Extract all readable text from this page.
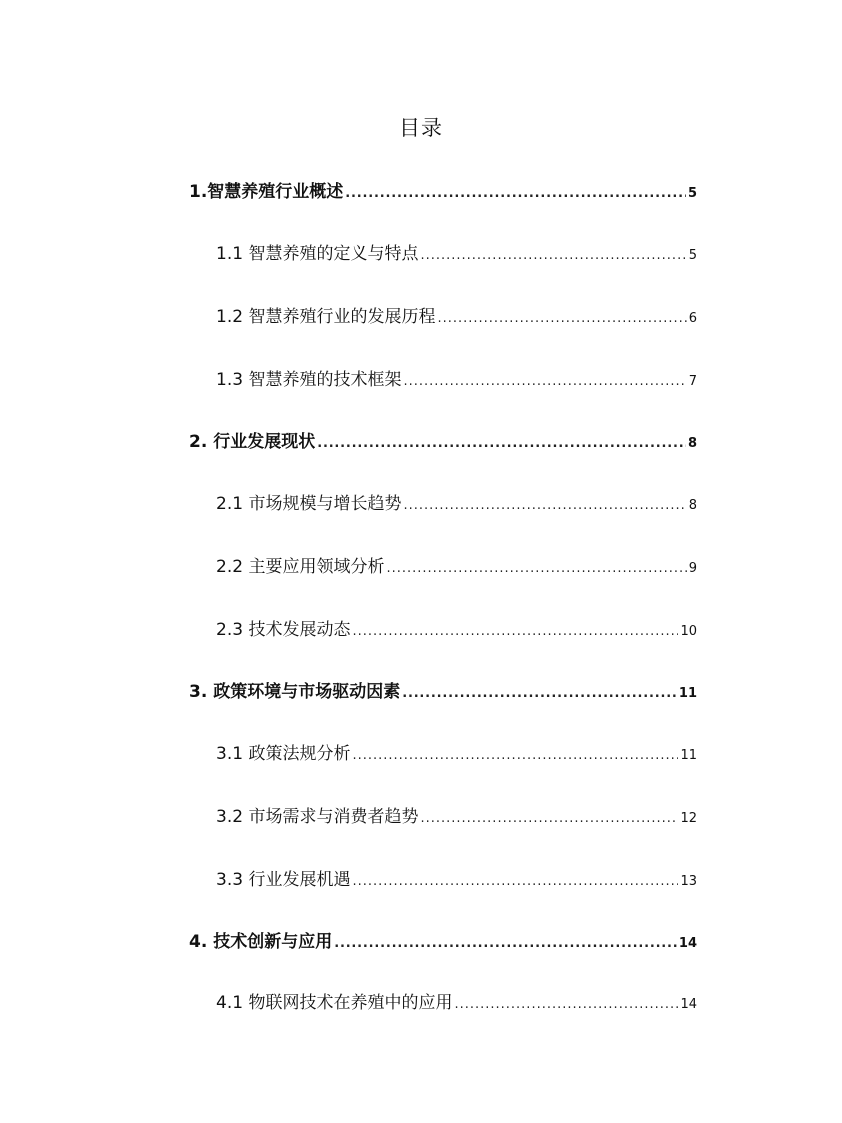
目录
1.智慧养殖行业概述 .....	5
1.1 智慧养殖的定义与特点 .....	5
1.2 智慧养殖行业的发展历程 .....	6
1.3 智慧养殖的技术框架 .....	7
2. 行业发展现状 .....	8
2.1 市场规模与增长趋势 .....	8
2.2 主要应用领域分析 .....	9
2.3 技术发展动态 .....	10
3. 政策环境与市场驱动因素 .....	11
3.1 政策法规分析 .....	11
3.2 市场需求与消费者趋势 .....	12
3.3 行业发展机遇 .....	13
4. 技术创新与应用 .....	14
4.1 物联网技术在养殖中的应用 .....	14
